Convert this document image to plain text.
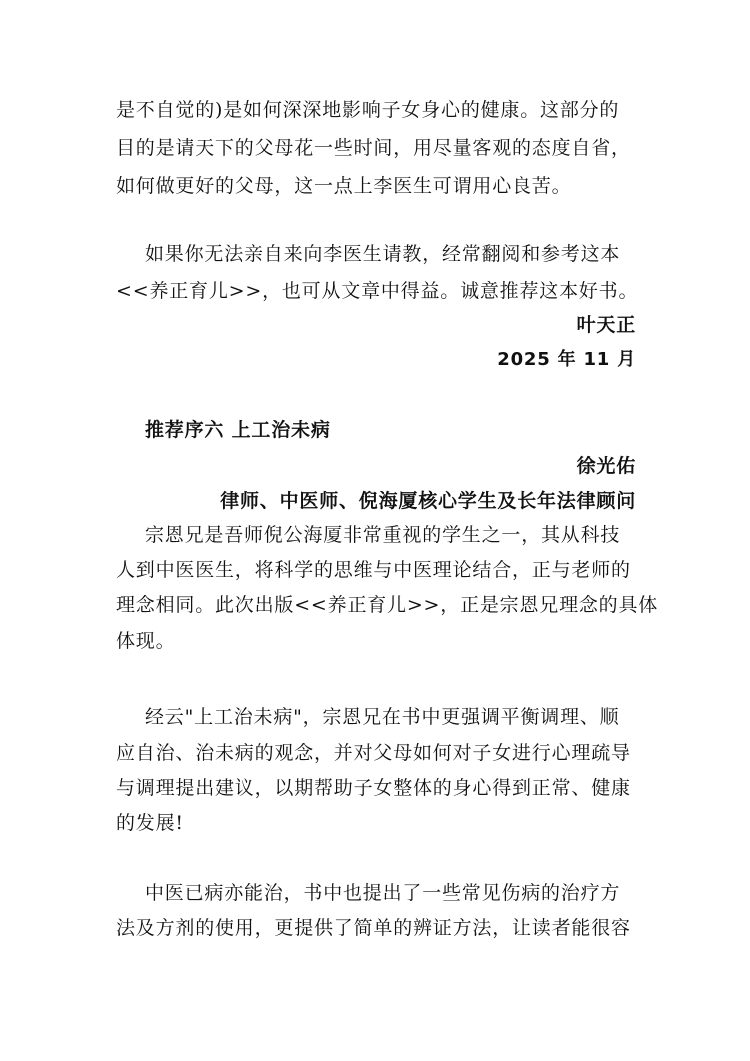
是不自觉的)是如何深深地影响子女身心的健康。这部分的
目的是请天下的父母花一些时间，用尽量客观的态度自省，
如何做更好的父母，这一点上李医生可谓用心良苦。
如果你无法亲自来向李医生请教，经常翻阅和参考这本
<<养正育儿>>，也可从文章中得益。诚意推荐这本好书。
叶天正
2025 年 11 月
推荐序六 上工治未病
徐光佑
律师、中医师、倪海厦核心学生及长年法律顾问
宗恩兄是吾师倪公海厦非常重视的学生之一，其从科技
人到中医医生，将科学的思维与中医理论结合，正与老师的
理念相同。此次出版<<养正育儿>>，正是宗恩兄理念的具体
体现。
经云"上工治未病"，宗恩兄在书中更强调平衡调理、顺
应自治、治未病的观念，并对父母如何对子女进行心理疏导
与调理提出建议，以期帮助子女整体的身心得到正常、健康
的发展!
中医已病亦能治，书中也提出了一些常见伤病的治疗方
法及方剂的使用，更提供了简单的辨证方法，让读者能很容
